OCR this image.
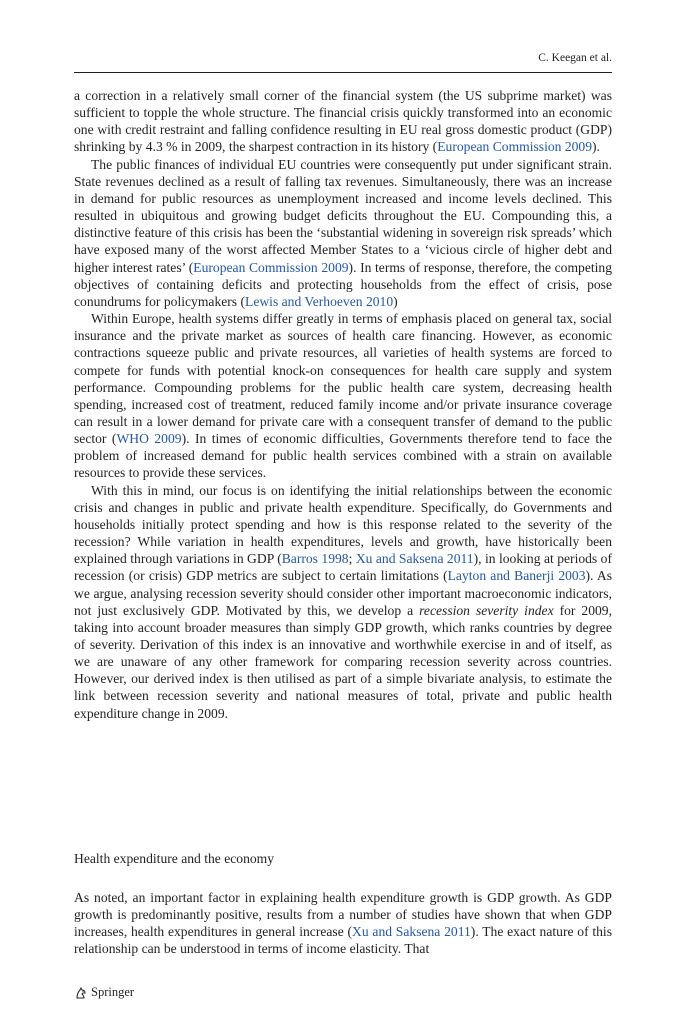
C. Keegan et al.

a correction in a relatively small corner of the financial system (the US subprime market) was sufficient to topple the whole structure. The financial crisis quickly transformed into an economic one with credit restraint and falling confidence resulting in EU real gross domestic product (GDP) shrinking by 4.3 % in 2009, the sharpest contraction in its history (European Commission 2009).

The public finances of individual EU countries were consequently put under significant strain. State revenues declined as a result of falling tax revenues. Simultaneously, there was an increase in demand for public resources as unemployment increased and income levels declined. This resulted in ubiquitous and growing budget deficits throughout the EU. Compounding this, a distinctive feature of this crisis has been the ‘substantial widening in sovereign risk spreads’ which have exposed many of the worst affected Member States to a ‘vicious circle of higher debt and higher interest rates’ (European Commission 2009). In terms of response, therefore, the competing objectives of containing deficits and protecting households from the effect of crisis, pose conundrums for policymakers (Lewis and Verhoeven 2010)

Within Europe, health systems differ greatly in terms of emphasis placed on general tax, social insurance and the private market as sources of health care financing. However, as economic contractions squeeze public and private resources, all varieties of health systems are forced to compete for funds with potential knock-on consequences for health care supply and system performance. Compounding problems for the public health care system, decreasing health spending, increased cost of treatment, reduced family income and/or private insurance coverage can result in a lower demand for private care with a consequent transfer of demand to the public sector (WHO 2009). In times of economic difficulties, Governments therefore tend to face the problem of increased demand for public health services combined with a strain on available resources to provide these services.

With this in mind, our focus is on identifying the initial relationships between the economic crisis and changes in public and private health expenditure. Specifically, do Governments and households initially protect spending and how is this response related to the severity of the recession? While variation in health expenditures, levels and growth, have historically been explained through variations in GDP (Barros 1998; Xu and Saksena 2011), in looking at periods of recession (or crisis) GDP metrics are subject to certain limitations (Layton and Banerji 2003). As we argue, analysing recession severity should consider other important macroeconomic indicators, not just exclusively GDP. Motivated by this, we develop a recession severity index for 2009, taking into account broader measures than simply GDP growth, which ranks countries by degree of severity. Derivation of this index is an innovative and worthwhile exercise in and of itself, as we are unaware of any other framework for comparing recession severity across countries. However, our derived index is then utilised as part of a simple bivariate analysis, to estimate the link between recession severity and national measures of total, private and public health expenditure change in 2009.

Health expenditure and the economy

As noted, an important factor in explaining health expenditure growth is GDP growth. As GDP growth is predominantly positive, results from a number of studies have shown that when GDP increases, health expenditures in general increase (Xu and Saksena 2011). The exact nature of this relationship can be understood in terms of income elasticity. That

Springer
